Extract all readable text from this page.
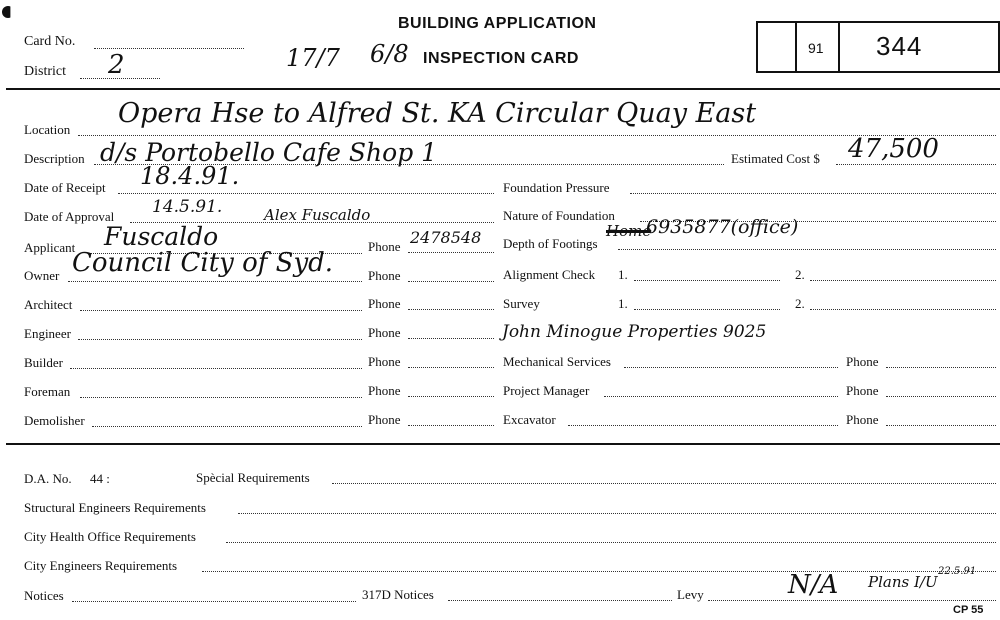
Card No.
District 2	17/7 6/8
BUILDING APPLICATION
INSPECTION CARD
91 344
Location
Opera Hse to Alfred St. KA Circular Quay East
Description d/s Portobello Cafe Shop 1	Estimated Cost $ 47,500
Date of Receipt 18.4.91.
Date of Approval 14.5.91.	Alex Fuscaldo
Applicant Fuscaldo	Phone 2478548
Owner Council City of Syd.	Phone
Architect	Phone
Engineer	Phone
Builder	Phone
Foreman	Phone
Demolisher	Phone
Foundation Pressure
Nature of Foundation
Home
6935877(office)
Depth of Footings
Alignment Check 1.	2.
Survey	1.	2.
John Minogue Properties 9025
Mechanical Services	Phone
Project Manager	Phone
Excavator	Phone
D.A. No. 44 :	Spècial Requirements
Structural Engineers Requirements
City Health Office Requirements
City Engineers Requirements
Notices	317D Notices	Levy	N/A Plans I/U
22.5.91
CP 55
